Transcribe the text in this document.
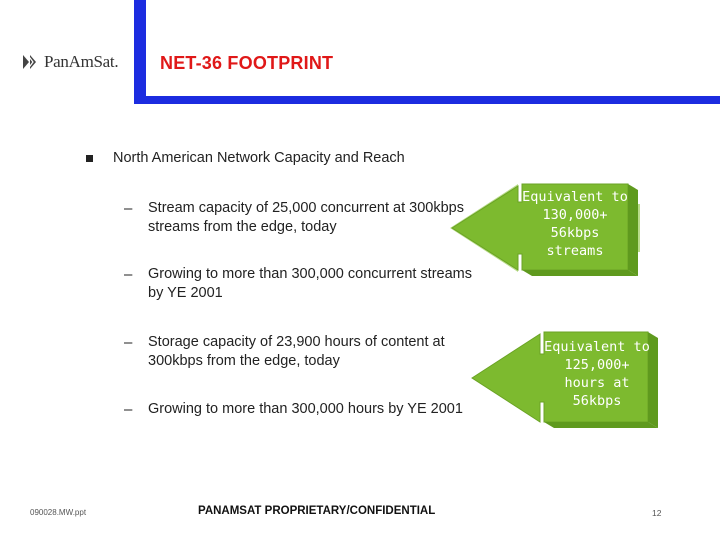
PanAmSat. NET-36 FOOTPRINT
North American Network Capacity and Reach
– Stream capacity of 25,000 concurrent at 300kbps streams from the edge, today
– Growing to more than 300,000 concurrent streams by YE 2001
– Storage capacity of 23,900 hours of content at 300kbps from the edge, today
– Growing to more than 300,000 hours by YE 2001
Equivalent to
130,000+
56kbps
streams
Equivalent to
125,000+
hours at
56kbps
090028.MW.ppt	PANAMSAT PROPRIETARY/CONFIDENTIAL	12
